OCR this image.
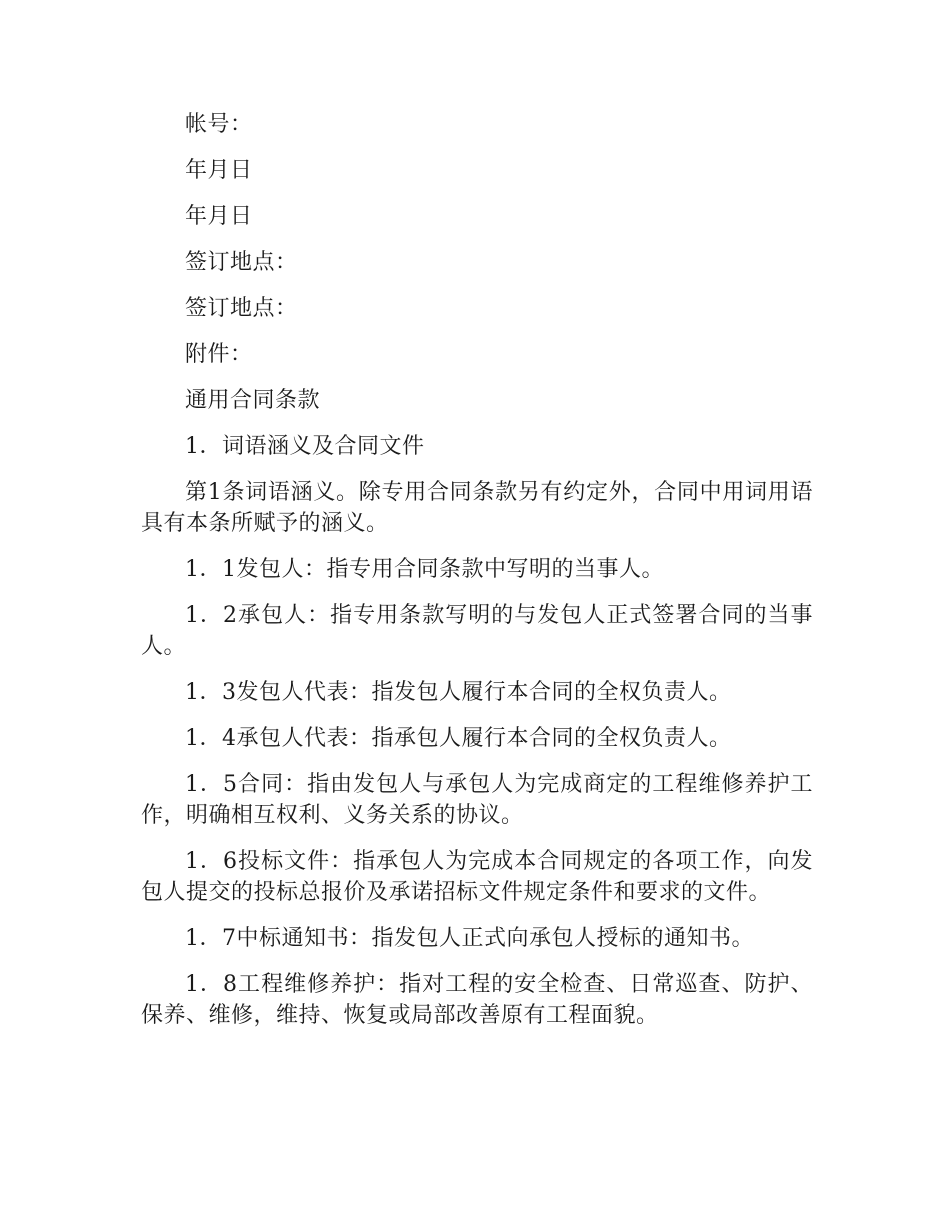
帐号：

年月日

年月日

签订地点：

签订地点：

附件：

通用合同条款

1．词语涵义及合同文件

第1条词语涵义。除专用合同条款另有约定外，合同中用词用语具有本条所赋予的涵义。

1．1发包人：指专用合同条款中写明的当事人。

1．2承包人：指专用条款写明的与发包人正式签署合同的当事人。

1．3发包人代表：指发包人履行本合同的全权负责人。

1．4承包人代表：指承包人履行本合同的全权负责人。

1．5合同：指由发包人与承包人为完成商定的工程维修养护工作，明确相互权利、义务关系的协议。

1．6投标文件：指承包人为完成本合同规定的各项工作，向发包人提交的投标总报价及承诺招标文件规定条件和要求的文件。

1．7中标通知书：指发包人正式向承包人授标的通知书。

1．8工程维修养护：指对工程的安全检查、日常巡查、防护、保养、维修，维持、恢复或局部改善原有工程面貌。
